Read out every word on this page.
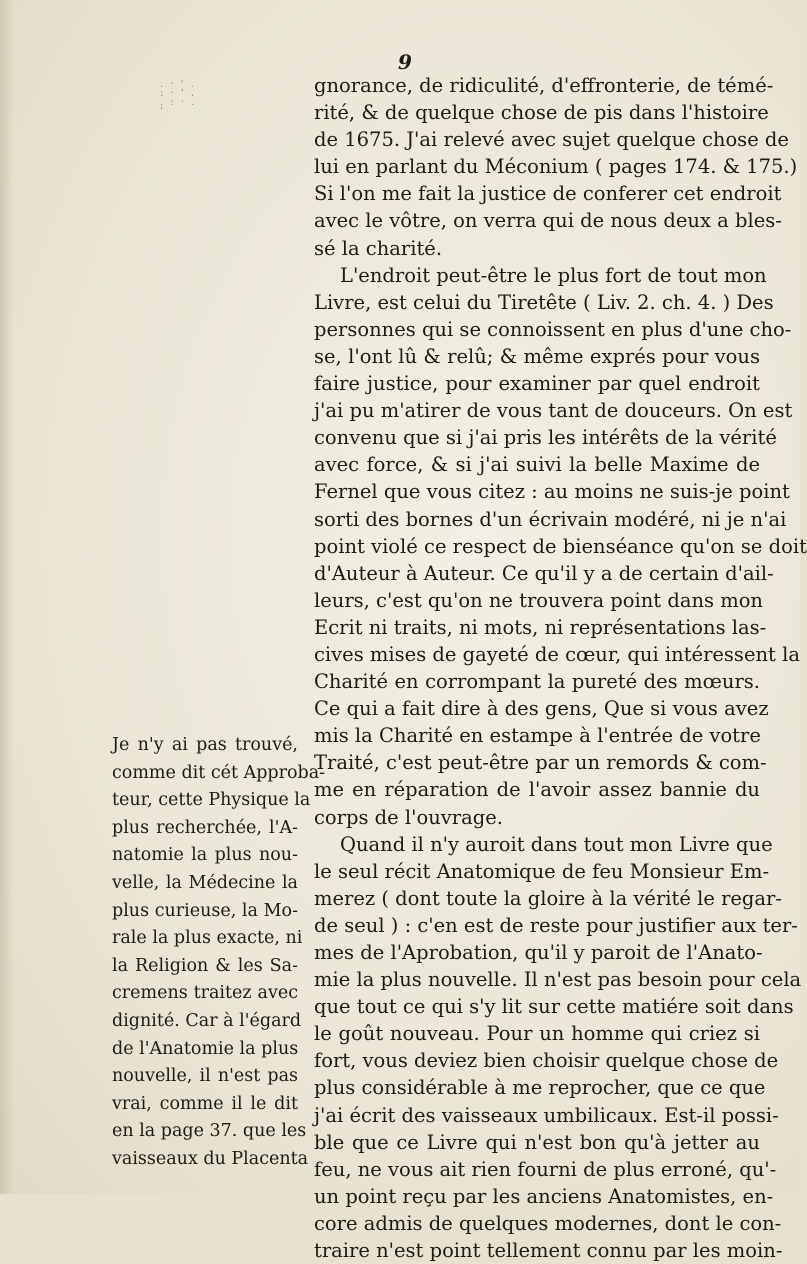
. · ' . : · ' . . : · . '
9
gnorance, de ridiculité, d'effronterie, de témé-
rité, & de quelque chose de pis dans l'histoire
de 1675. J'ai relevé avec sujet quelque chose de
lui en parlant du Méconium ( pages 174. & 175.)
Si l'on me fait la justice de conferer cet endroit
avec le vôtre, on verra qui de nous deux a bles-
sé la charité.
L'endroit peut-être le plus fort de tout mon
Livre, est celui du Tiretête ( Liv. 2. ch. 4. ) Des
personnes qui se connoissent en plus d'une cho-
se, l'ont lû & relû; & même exprés pour vous
faire justice, pour examiner par quel endroit
j'ai pu m'atirer de vous tant de douceurs. On est
convenu que si j'ai pris les intérêts de la vérité
avec force, & si j'ai suivi la belle Maxime de
Fernel que vous citez : au moins ne suis-je point
sorti des bornes d'un écrivain modéré, ni je n'ai
point violé ce respect de bienséance qu'on se doit
d'Auteur à Auteur. Ce qu'il y a de certain d'ail-
leurs, c'est qu'on ne trouvera point dans mon
Ecrit ni traits, ni mots, ni représentations las-
cives mises de gayeté de cœur, qui intéressent la
Charité en corrompant la pureté des mœurs.
Ce qui a fait dire à des gens, Que si vous avez
mis la Charité en estampe à l'entrée de votre
Traité, c'est peut-être par un remords & com-
me en réparation de l'avoir assez bannie du
corps de l'ouvrage.
Quand il n'y auroit dans tout mon Livre que
le seul récit Anatomique de feu Monsieur Em-
merez ( dont toute la gloire à la vérité le regar-
de seul ) : c'en est de reste pour justifier aux ter-
mes de l'Aprobation, qu'il y paroit de l'Anato-
mie la plus nouvelle. Il n'est pas besoin pour cela
que tout ce qui s'y lit sur cette matiére soit dans
le goût nouveau. Pour un homme qui criez si
fort, vous deviez bien choisir quelque chose de
plus considérable à me reprocher, que ce que
j'ai écrit des vaisseaux umbilicaux. Est-il possi-
ble que ce Livre qui n'est bon qu'à jetter au
feu, ne vous ait rien fourni de plus erroné, qu'-
un point reçu par les anciens Anatomistes, en-
core admis de quelques modernes, dont le con-
traire n'est point tellement connu par les moin-
Je n'y ai pas trouvé,
comme dit cét Approba-
teur, cette Physique la
plus recherchée, l'A-
natomie la plus nou-
velle, la Médecine la
plus curieuse, la Mo-
rale la plus exacte, ni
la Religion & les Sa-
cremens traitez avec
dignité. Car à l'égard
de l'Anatomie la plus
nouvelle, il n'est pas
vrai, comme il le dit
en la page 37. que les
vaisseaux du Placenta
